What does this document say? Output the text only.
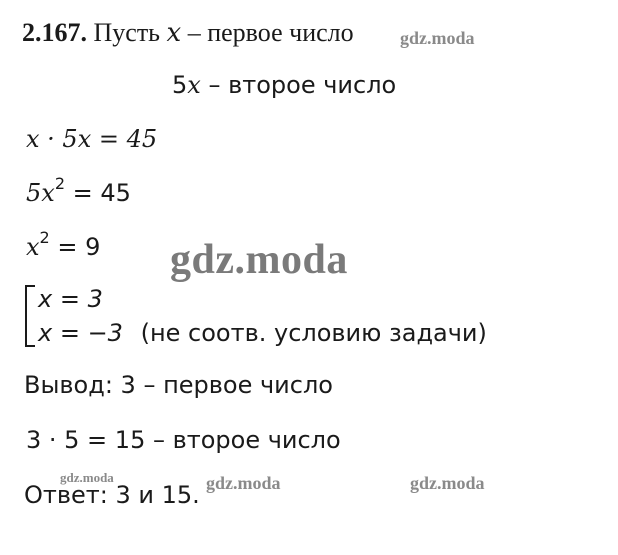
2.167. Пусть x – первое число
5x – второе число
x · 5x = 45
$5x^2 = 45$
$x^2 = 9$
x = 3
x = −3 (не соотв. условию задачи)
Вывод: 3 – первое число
3 · 5 = 15 – второе число
Ответ: 3 и 15.
gdz.moda
gdz.moda
gdz.moda	gdz.moda	gdz.moda
